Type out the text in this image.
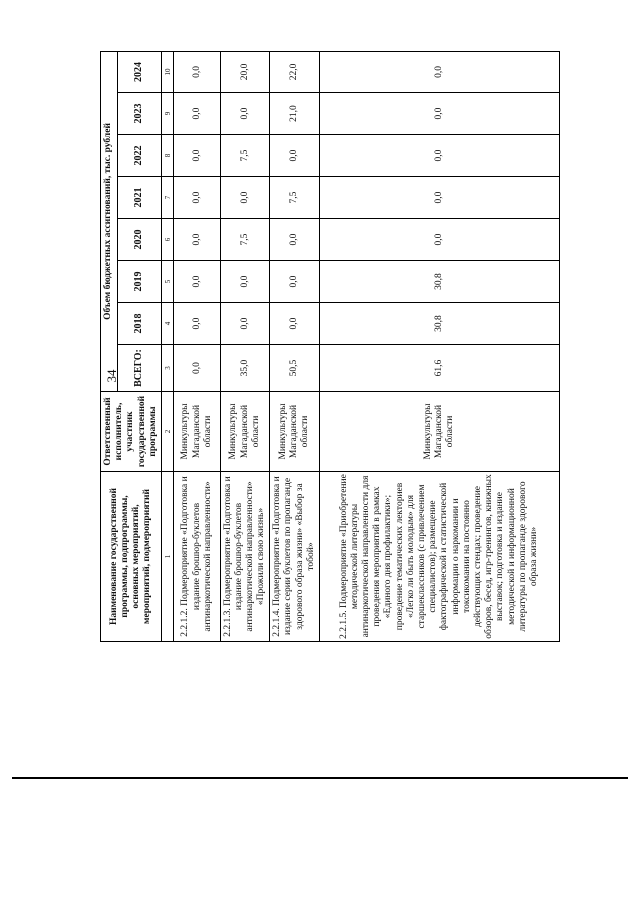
34
Наименование государственной программы, подпрограммы, основных мероприятий, мероприятий, подмероприятий	Ответственный исполнитель, участник государственной программы	Объем бюджетных ассигнований, тыс. рублей							
		ВСЕГО:	2018	2019	2020	2021	2022	2023	2024
1	2	3	4	5	6	7	8	9	10
2.2.1.2. Подмероприятие «Подготовка и издание брошюр-буклетов антинаркотической направленности»	Минкультуры Магаданской области	0,0	0,0	0,0	0,0	0,0	0,0	0,0	0,0
2.2.1.3. Подмероприятие «Подготовка и издание брошюр-буклетов антинаркотической направленности» «Прожили свою жизнь»	Минкультуры Магаданской области	35,0	0,0	0,0	7,5	0,0	7,5	0,0	20,0
2.2.1.4. Подмероприятие «Подготовка и издание серии буклетов по пропаганде здорового образа жизни» «Выбор за тобой»	Минкультуры Магаданской области	50,5	0,0	0,0	0,0	7,5	0,0	21,0	22,0
2.2.1.5. Подмероприятие «Приобретение методической литературы антинаркотической направленности для проведения мероприятий в рамках «Единого дня профилактики»; проведение тематических лекториев «Легко ли быть молодым» для старшеклассников (с привлечением специалистов); размещение фактографической и статистической информации о наркомании и токсикомании на постоянно действующих стендах; проведение обзоров, бесед, игр-тренингов, книжных выставок; подготовка и издание методической и информационной литературы по пропаганде здорового образа жизни»	Минкультуры Магаданской области	61,6	30,8	30,8	0,0	0,0	0,0	0,0	0,0
